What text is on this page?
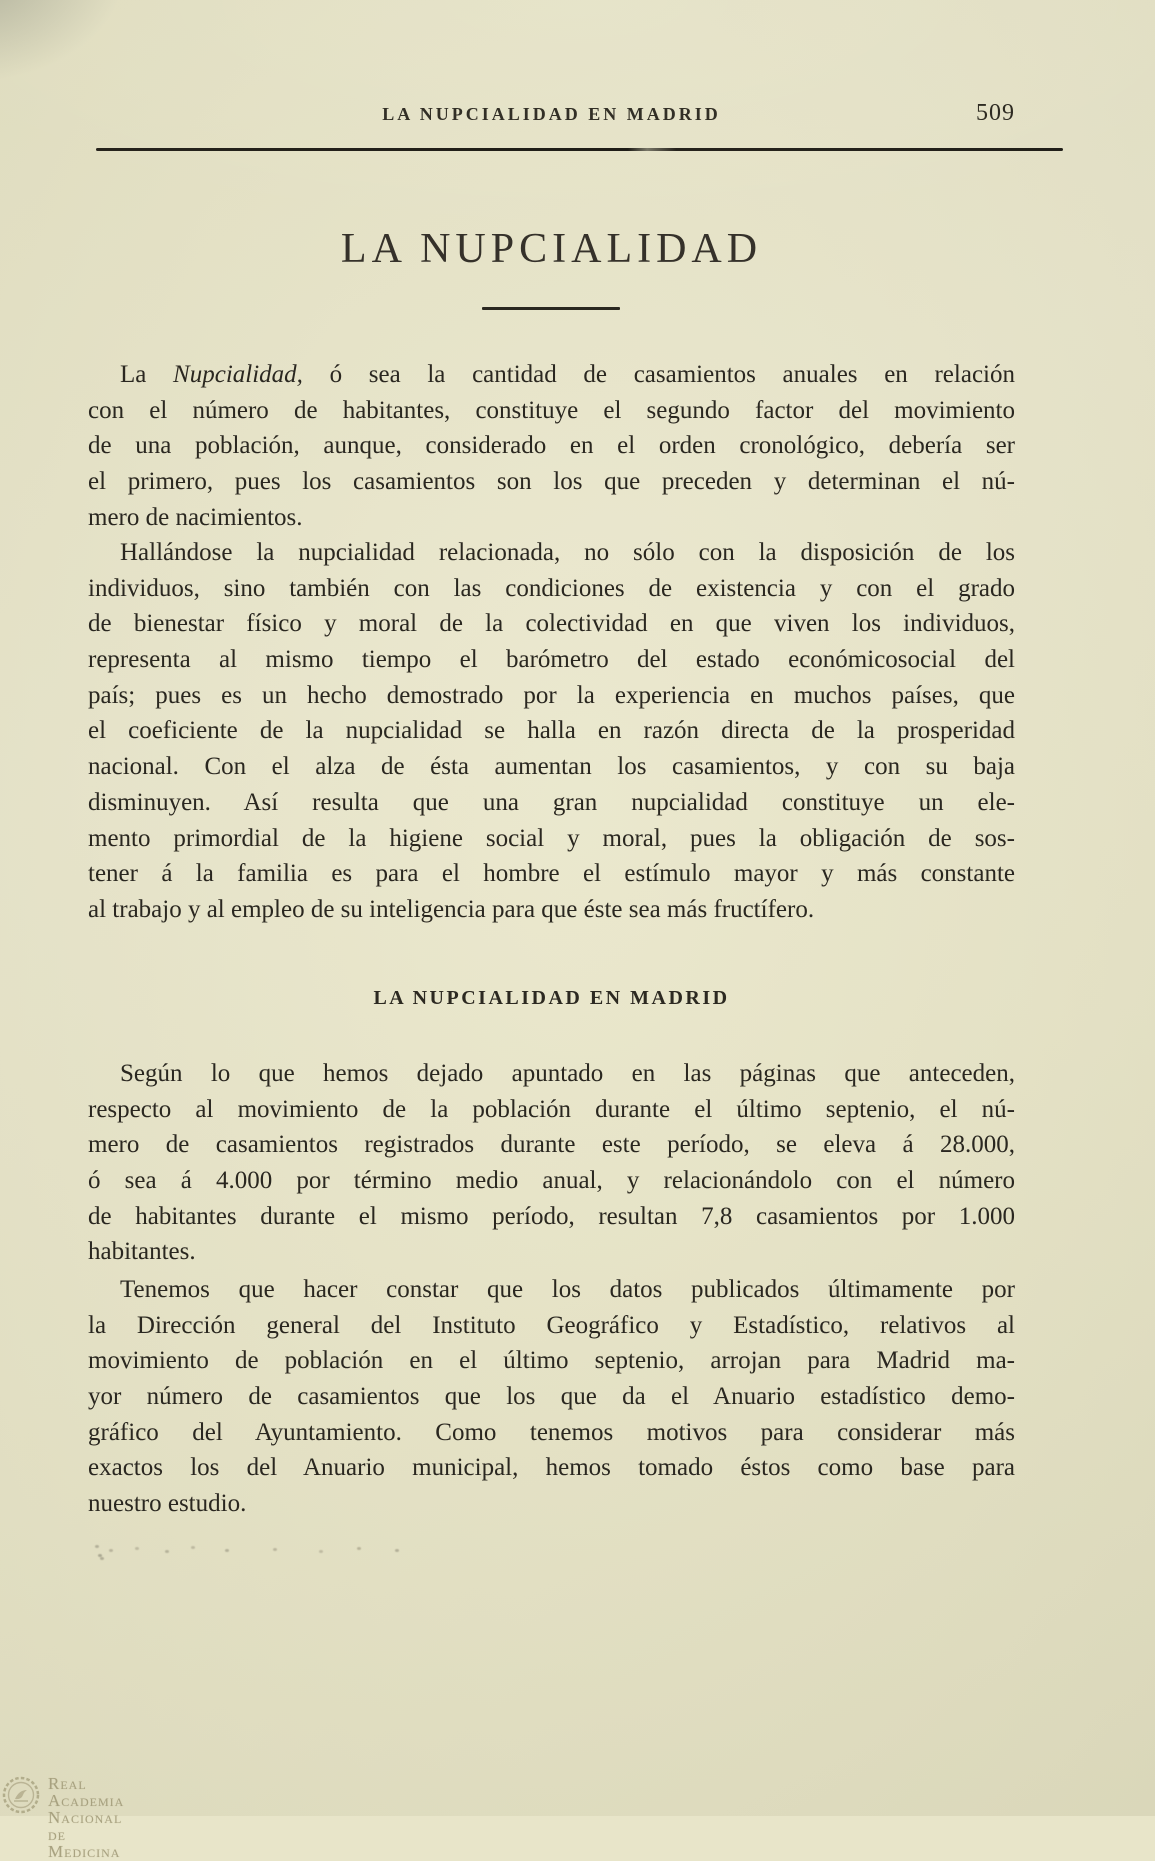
LA NUPCIALIDAD EN MADRID	509
LA NUPCIALIDAD
La Nupcialidad, ó sea la cantidad de casamientos anuales en relación
con el número de habitantes, constituye el segundo factor del movimiento
de una población, aunque, considerado en el orden cronológico, debería ser
el primero, pues los casamientos son los que preceden y determinan el nú-
mero de nacimientos.
Hallándose la nupcialidad relacionada, no sólo con la disposición de los
individuos, sino también con las condiciones de existencia y con el grado
de bienestar físico y moral de la colectividad en que viven los individuos,
representa al mismo tiempo el barómetro del estado económicosocial del
país; pues es un hecho demostrado por la experiencia en muchos países, que
el coeficiente de la nupcialidad se halla en razón directa de la prosperidad
nacional. Con el alza de ésta aumentan los casamientos, y con su baja
disminuyen. Así resulta que una gran nupcialidad constituye un ele-
mento primordial de la higiene social y moral, pues la obligación de sos-
tener á la familia es para el hombre el estímulo mayor y más constante
al trabajo y al empleo de su inteligencia para que éste sea más fructífero.
LA NUPCIALIDAD EN MADRID
Según lo que hemos dejado apuntado en las páginas que anteceden,
respecto al movimiento de la población durante el último septenio, el nú-
mero de casamientos registrados durante este período, se eleva á 28.000,
ó sea á 4.000 por término medio anual, y relacionándolo con el número
de habitantes durante el mismo período, resultan 7,8 casamientos por 1.000
habitantes.
Tenemos que hacer constar que los datos publicados últimamente por
la Dirección general del Instituto Geográfico y Estadístico, relativos al
movimiento de población en el último septenio, arrojan para Madrid ma-
yor número de casamientos que los que da el Anuario estadístico demo-
gráfico del Ayuntamiento. Como tenemos motivos para considerar más
exactos los del Anuario municipal, hemos tomado éstos como base para
nuestro estudio.
Real Academia
Nacional de Medicina
